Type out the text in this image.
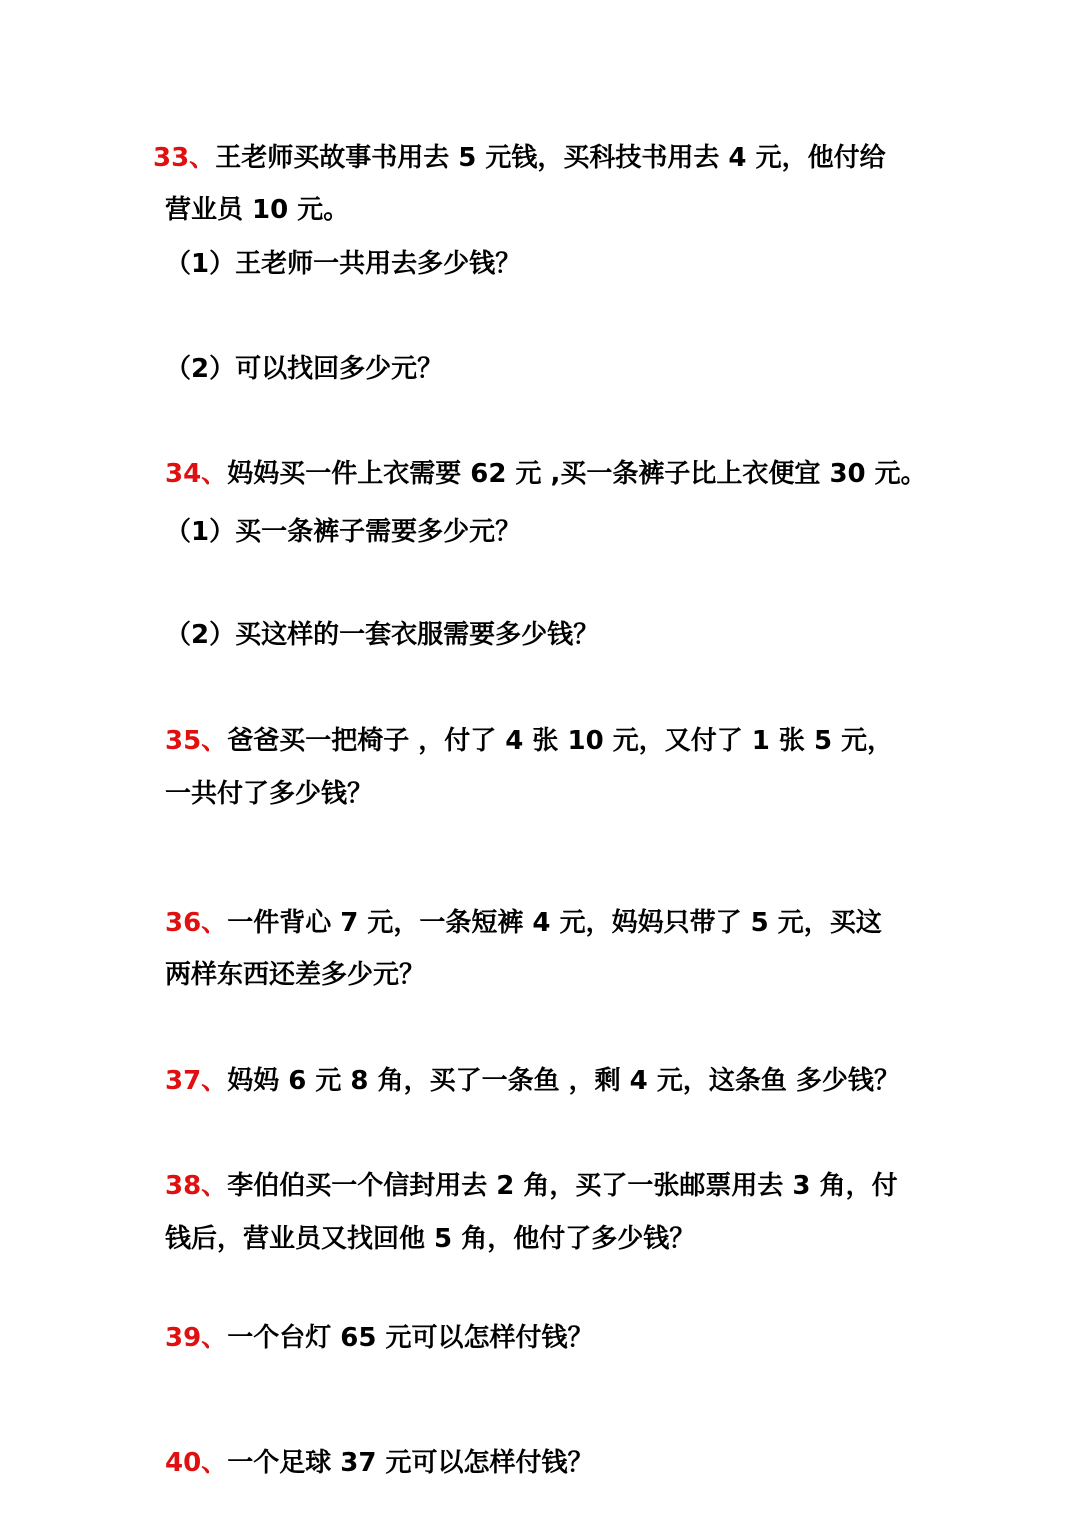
33、王老师买故事书用去 5 元钱，买科技书用去 4 元，他付给
营业员 10 元。
（1）王老师一共用去多少钱？
（2）可以找回多少元？
34、妈妈买一件上衣需要 62 元 ,买一条裤子比上衣便宜 30 元。
（1）买一条裤子需要多少元？
（2）买这样的一套衣服需要多少钱？
35、爸爸买一把椅子 ，付了 4 张 10 元，又付了 1 张 5 元，
一共付了多少钱？
36、一件背心 7 元，一条短裤 4 元，妈妈只带了 5 元，买这
两样东西还差多少元？
37、妈妈 6 元 8 角，买了一条鱼 ，剩 4 元，这条鱼 多少钱？
38、李伯伯买一个信封用去 2 角，买了一张邮票用去 3 角，付
钱后，营业员又找回他 5 角，他付了多少钱？
39、一个台灯 65 元可以怎样付钱？
40、一个足球 37 元可以怎样付钱？
